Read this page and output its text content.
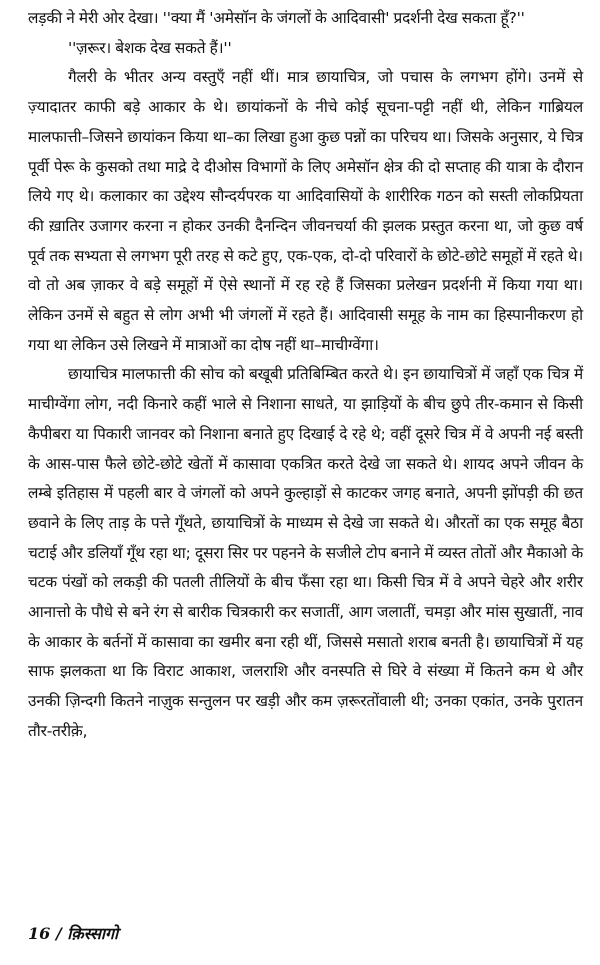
लड़की ने मेरी ओर देखा। ''क्या मैं 'अमेसॉन के जंगलों के आदिवासी' प्रदर्शनी देख सकता हूँ?''

''ज़रूर। बेशक देख सकते हैं।''

गैलरी के भीतर अन्य वस्तुएँ नहीं थीं। मात्र छायाचित्र, जो पचास के लगभग होंगे। उनमें से ज़्यादातर काफी बड़े आकार के थे। छायांकनों के नीचे कोई सूचना-पट्टी नहीं थी, लेकिन गाब्रियल मालफात्ती–जिसने छायांकन किया था–का लिखा हुआ कुछ पन्नों का परिचय था। जिसके अनुसार, ये चित्र पूर्वी पेरू के कुसको तथा माद्रे दे दीओस विभागों के लिए अमेसॉन क्षेत्र की दो सप्ताह की यात्रा के दौरान लिये गए थे। कलाकार का उद्देश्य सौन्दर्यपरक या आदिवासियों के शारीरिक गठन को सस्ती लोकप्रियता की ख़ातिर उजागर करना न होकर उनकी दैनन्दिन जीवनचर्या की झलक प्रस्तुत करना था, जो कुछ वर्ष पूर्व तक सभ्यता से लगभग पूरी तरह से कटे हुए, एक-एक, दो-दो परिवारों के छोटे-छोटे समूहों में रहते थे। वो तो अब ज़ाकर वे बड़े समूहों में ऐसे स्थानों में रह रहे हैं जिसका प्रलेखन प्रदर्शनी में किया गया था। लेकिन उनमें से बहुत से लोग अभी भी जंगलों में रहते हैं। आदिवासी समूह के नाम का हिस्पानीकरण हो गया था लेकिन उसे लिखने में मात्राओं का दोष नहीं था–माचीग्वेंगा।

छायाचित्र मालफात्ती की सोच को बखूबी प्रतिबिम्बित करते थे। इन छायाचित्रों में जहाँ एक चित्र में माचीग्वेंगा लोग, नदी किनारे कहीं भाले से निशाना साधते, या झाड़ियों के बीच छुपे तीर-कमान से किसी कैपीबरा या पिकारी जानवर को निशाना बनाते हुए दिखाई दे रहे थे; वहीं दूसरे चित्र में वे अपनी नई बस्ती के आस-पास फैले छोटे-छोटे खेतों में कासावा एकत्रित करते देखे जा सकते थे। शायद अपने जीवन के लम्बे इतिहास में पहली बार वे जंगलों को अपने कुल्हाड़ों से काटकर जगह बनाते, अपनी झोंपड़ी की छत छवाने के लिए ताड़ के पत्ते गूँथते, छायाचित्रों के माध्यम से देखे जा सकते थे। औरतों का एक समूह बैठा चटाई और डलियाँ गूँथ रहा था; दूसरा सिर पर पहनने के सजीले टोप बनाने में व्यस्त तोतों और मैकाओ के चटक पंखों को लकड़ी की पतली तीलियों के बीच फँसा रहा था। किसी चित्र में वे अपने चेहरे और शरीर आनात्तो के पौधे से बने रंग से बारीक चित्रकारी कर सजातीं, आग जलातीं, चमड़ा और मांस सुखातीं, नाव के आकार के बर्तनों में कासावा का खमीर बना रही थीं, जिससे मसातो शराब बनती है। छायाचित्रों में यह साफ झलकता था कि विराट आकाश, जलराशि और वनस्पति से घिरे वे संख्या में कितने कम थे और उनकी ज़िन्दगी कितने नाज़ुक सन्तुलन पर खड़ी और कम ज़रूरतोंवाली थी; उनका एकांत, उनके पुरातन तौर-तरीक़े,

16 / क़िस्सागो
